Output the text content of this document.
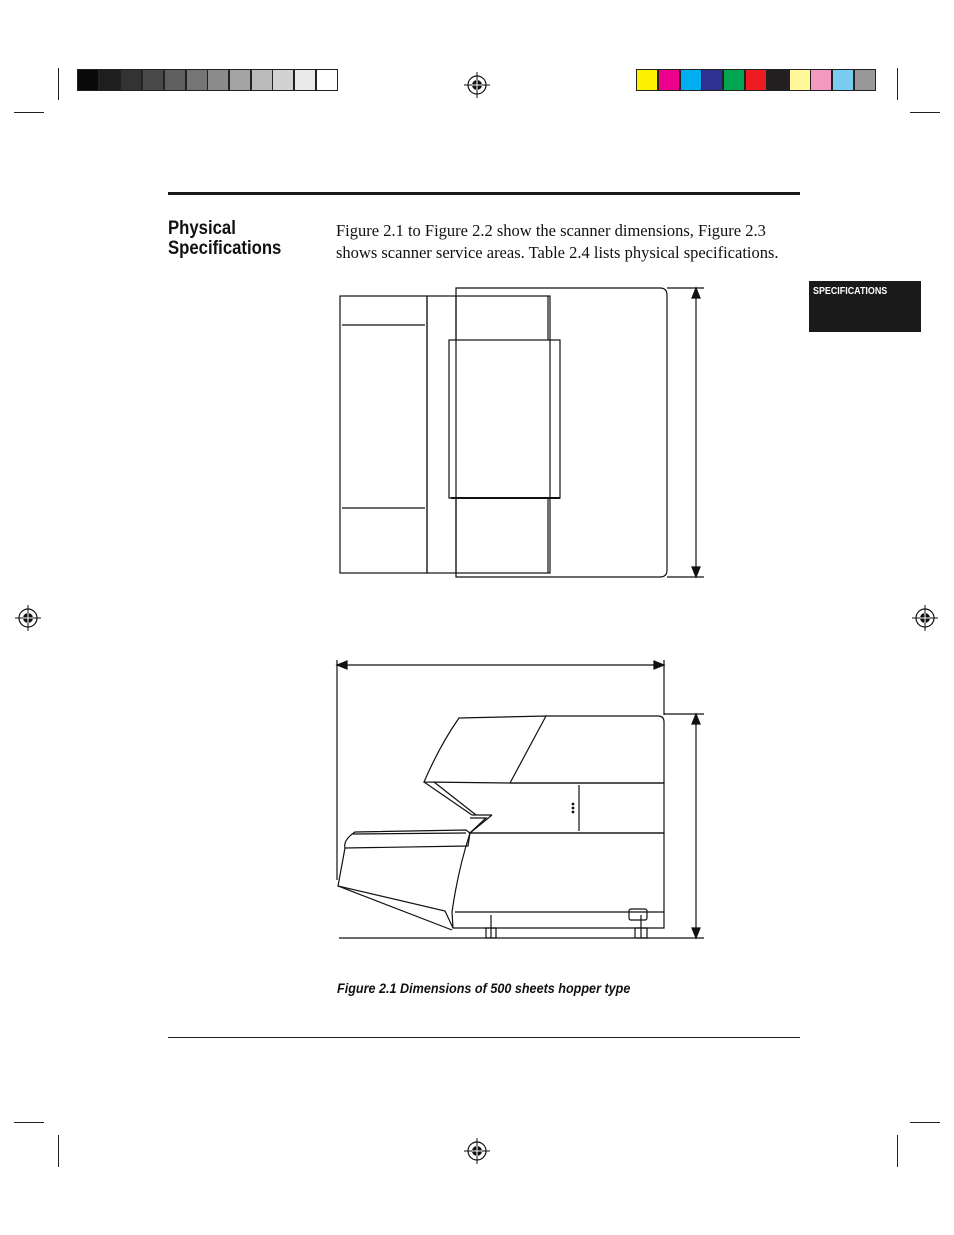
Physical
Specifications
Figure 2.1 to Figure 2.2 show the scanner dimensions, Figure 2.3
shows scanner service areas. Table 2.4 lists physical specifications.
SPECIFICATIONS
Figure 2.1 Dimensions of 500 sheets hopper type
